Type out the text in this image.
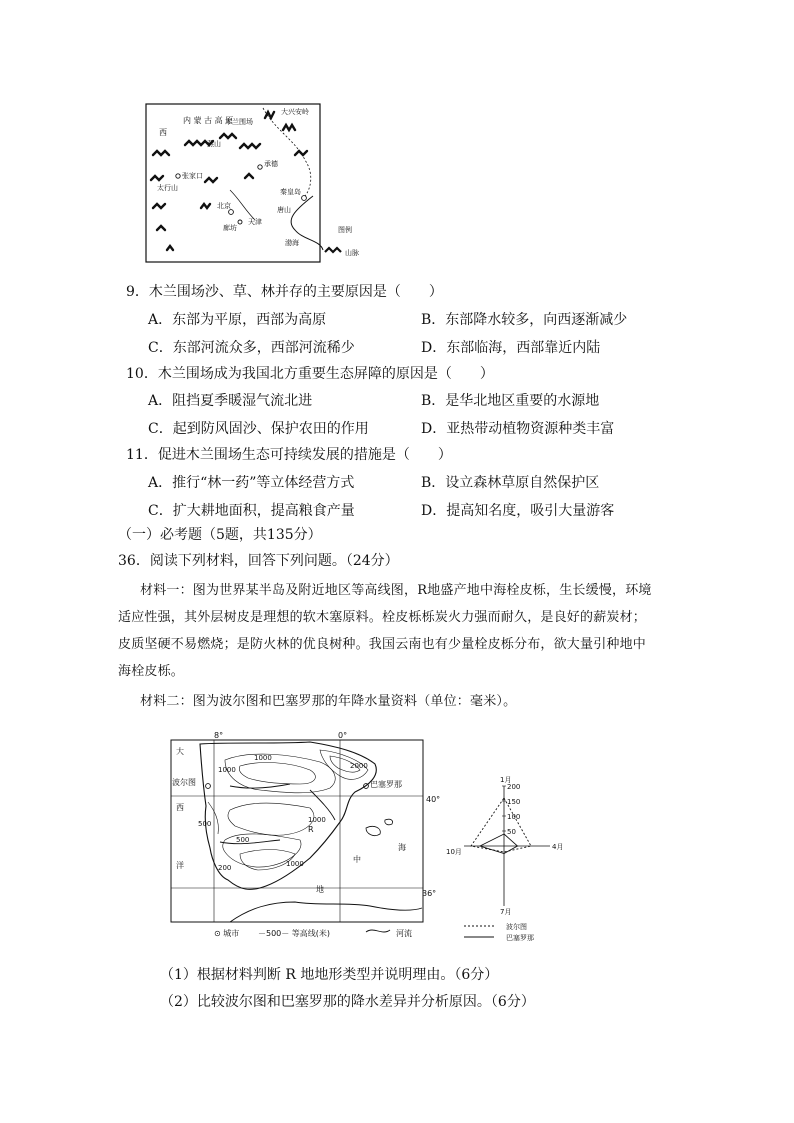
内 蒙 古 高 原
西
木兰围场
大兴安岭
燕山
承德
张家口
太行山	秦皇岛
北京	唐山
天津
廊坊
渤海
图例
山脉
9．木兰围场沙、草、林并存的主要原因是（　　）
A．东部为平原，西部为高原	B．东部降水较多，向西逐渐减少
C．东部河流众多，西部河流稀少	D．东部临海，西部靠近内陆
10．木兰围场成为我国北方重要生态屏障的原因是（　　）
A．阻挡夏季暖湿气流北进	B．是华北地区重要的水源地
C．起到防风固沙、保护农田的作用	D．亚热带动植物资源种类丰富
11．促进木兰围场生态可持续发展的措施是（　　）
A．推行“林一药”等立体经营方式	B．设立森林草原自然保护区
C．扩大耕地面积，提高粮食产量	D．提高知名度，吸引大量游客
（一）必考题（5题，共135分）
36．阅读下列材料，回答下列问题。（24分）
材料一：图为世界某半岛及附近地区等高线图，R地盛产地中海栓皮栎，生长缓慢，环境
适应性强，其外层树皮是理想的软木塞原料。栓皮栎栎炭火力强而耐久，是良好的薪炭材；
皮质坚硬不易燃烧；是防火林的优良树种。我国云南也有少量栓皮栎分布，欲大量引种地中
海栓皮栎。
材料二：图为波尔图和巴塞罗那的年降水量资料（单位：毫米）。
8°	0°
40°
36°
大
西
洋
波尔图	巴塞罗那
R
海
中
地
1000
1000
1000
2000
500
500
200	1000
⊙ 城市 －500－ 等高线(米)	河流
50
100
150
200
1月
4月
7月
10月
波尔图
巴塞罗那
（1）根据材料判断 R 地地形类型并说明理由。（6分）
（2）比较波尔图和巴塞罗那的降水差异并分析原因。（6分）
